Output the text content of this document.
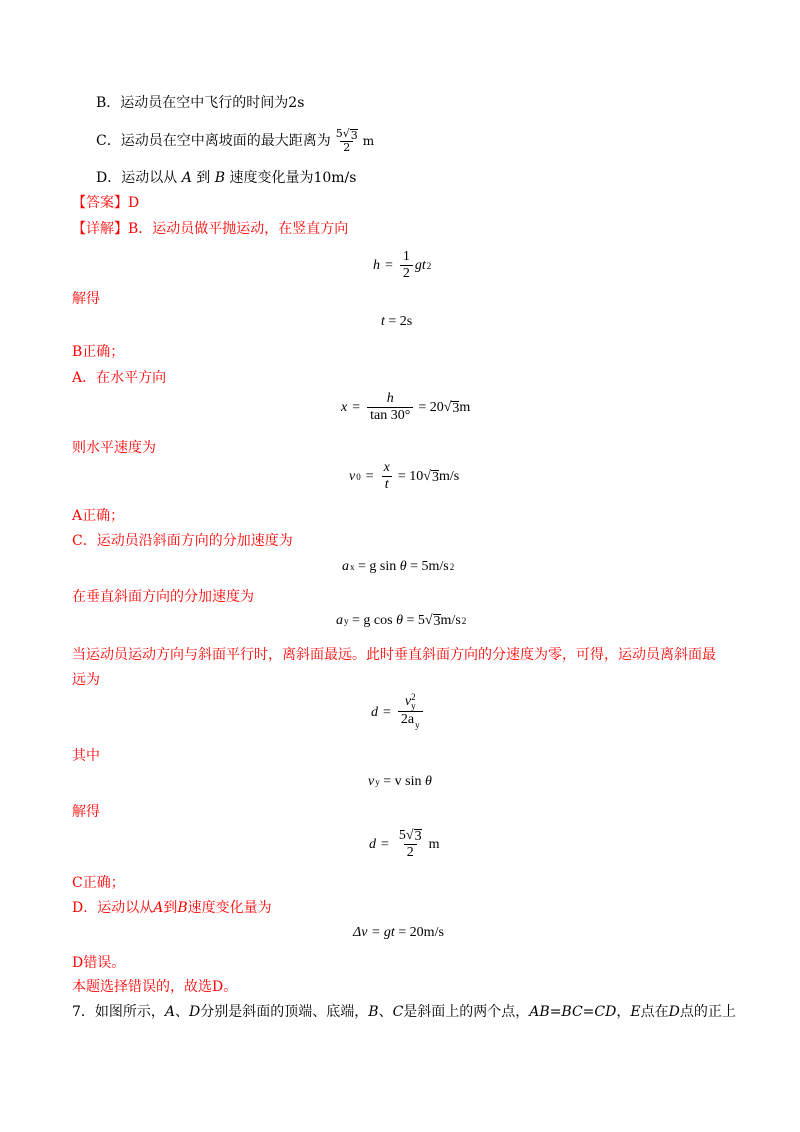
B．运动员在空中飞行的时间为2s
C．运动员在空中离坡面的最大距离为 $\frac{5 √ 3}{2}$ m
D．运动以从 A 到 B 速度变化量为10m/s
【答案】D
【详解】B．运动员做平抛运动，在竖直方向
$h = \frac{1}{2}$ g t 2
解得
t
= 2s
B正确；
A．在水平方向
$x = \frac{h}{\tan 30^\circ} = 20$ √ 3 m
则水平速度为
v $0 = \frac{x}{t} = 10$ √ 3 m/s
A正确；
C．运动员沿斜面方向的分加速度为
a x
= g sin
θ
= 5m/s 2
在垂直斜面方向的分加速度为
a y
= g cos
θ
= 5 √ 3 m/s 2
当运动员运动方向与斜面平行时，离斜面最远。此时垂直斜面方向的分速度为零，可得，运动员离斜面最
远为
d = v 2
y
$2a_y$
其中
v y
= v sin
θ
解得
$d = \frac{5 √ 3}{2}$ m
C正确；
D．运动以从A到B速度变化量为
Δv
= gt
= 20m/s
D错误。
本题选择错误的，故选D。
7．如图所示，A、D分别是斜面的顶端、底端，B、C是斜面上的两个点，AB=BC=CD，E点在D点的正上
